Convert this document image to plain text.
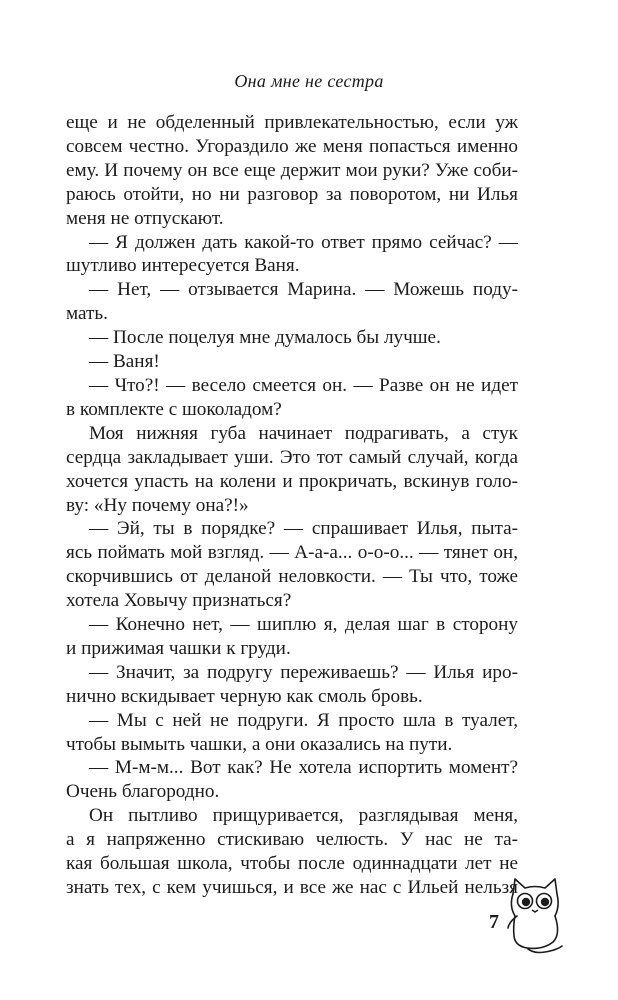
Она мне не сестра
еще и не обделенный привлекательностью, если уж
совсем честно. Угораздило же меня попасться именно
ему. И почему он все еще держит мои руки? Уже соби-
раюсь отойти, но ни разговор за поворотом, ни Илья
меня не отпускают.
— Я должен дать какой-то ответ прямо сейчас? —
шутливо интересуется Ваня.
— Нет, — отзывается Марина. — Можешь поду-
мать.
— После поцелуя мне думалось бы лучше.
— Ваня!
— Что?! — весело смеется он. — Разве он не идет
в комплекте с шоколадом?
Моя нижняя губа начинает подрагивать, а стук
сердца закладывает уши. Это тот самый случай, когда
хочется упасть на колени и прокричать, вскинув голо-
ву: «Ну почему она?!»
— Эй, ты в порядке? — спрашивает Илья, пыта-
ясь поймать мой взгляд. — А-а-а... о-о-о... — тянет он,
скорчившись от деланой неловкости. — Ты что, тоже
хотела Ховычу признаться?
— Конечно нет, — шиплю я, делая шаг в сторону
и прижимая чашки к груди.
— Значит, за подругу переживаешь? — Илья иро-
нично вскидывает черную как смоль бровь.
— Мы с ней не подруги. Я просто шла в туалет,
чтобы вымыть чашки, а они оказались на пути.
— М-м-м... Вот как? Не хотела испортить момент?
Очень благородно.
Он пытливо прищуривается, разглядывая меня,
а я напряженно стискиваю челюсть. У нас не та-
кая большая школа, чтобы после одиннадцати лет не
знать тех, с кем учишься, и все же нас с Ильей нельзя
7
